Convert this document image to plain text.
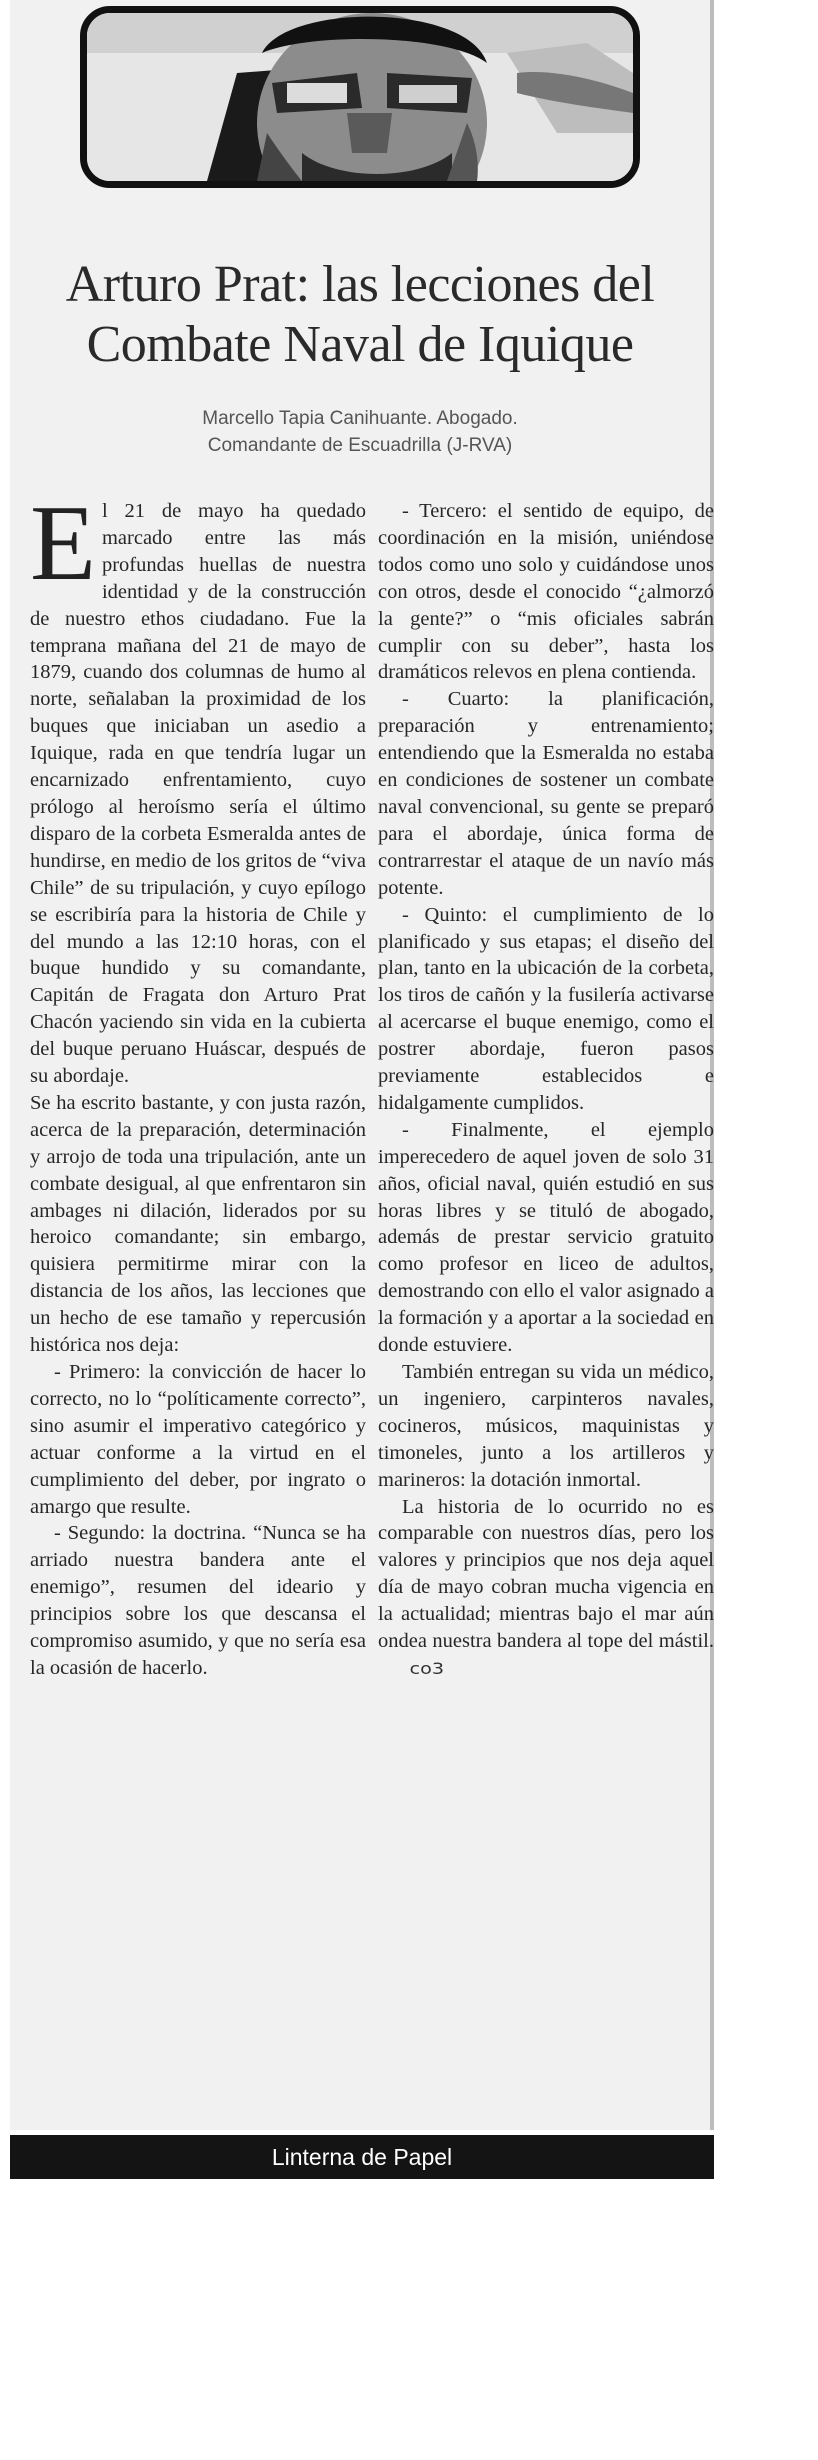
Arturo Prat: las lecciones del Combate Naval de Iquique
Marcello Tapia Canihuante. Abogado.
Comandante de Escuadrilla (J-RVA)

El 21 de mayo ha quedado marcado entre las más profundas huellas de nuestra identidad y de la construcción de nuestro ethos ciudadano. Fue la temprana mañana del 21 de mayo de 1879, cuando dos columnas de humo al norte, señalaban la proximidad de los buques que iniciaban un asedio a Iquique, rada en que tendría lugar un encarnizado enfrentamiento, cuyo prólogo al heroísmo sería el último disparo de la corbeta Esmeralda antes de hundirse, en medio de los gritos de “viva Chile” de su tripulación, y cuyo epílogo se escribiría para la historia de Chile y del mundo a las 12:10 horas, con el buque hundido y su comandante, Capitán de Fragata don Arturo Prat Chacón yaciendo sin vida en la cubierta del buque peruano Huáscar, después de su abordaje.

Se ha escrito bastante, y con justa razón, acerca de la preparación, determinación y arrojo de toda una tripulación, ante un combate desigual, al que enfrentaron sin ambages ni dilación, liderados por su heroico comandante; sin embargo, quisiera permitirme mirar con la distancia de los años, las lecciones que un hecho de ese tamaño y repercusión histórica nos deja:

- Primero: la convicción de hacer lo correcto, no lo “políticamente correcto”, sino asumir el imperativo categórico y actuar conforme a la virtud en el cumplimiento del deber, por ingrato o amargo que resulte.

- Segundo: la doctrina. “Nunca se ha arriado nuestra bandera ante el enemigo”, resumen del ideario y principios sobre los que descansa el compromiso asumido, y que no sería esa la ocasión de hacerlo.

- Tercero: el sentido de equipo, de coordinación en la misión, uniéndose todos como uno solo y cuidándose unos con otros, desde el conocido “¿almorzó la gente?” o “mis oficiales sabrán cumplir con su deber”, hasta los dramáticos relevos en plena contienda.

- Cuarto: la planificación, preparación y entrenamiento; entendiendo que la Esmeralda no estaba en condiciones de sostener un combate naval convencional, su gente se preparó para el abordaje, única forma de contrarrestar el ataque de un navío más potente.

- Quinto: el cumplimiento de lo planificado y sus etapas; el diseño del plan, tanto en la ubicación de la corbeta, los tiros de cañón y la fusilería activarse al acercarse el buque enemigo, como el postrer abordaje, fueron pasos previamente establecidos e hidalgamente cumplidos.

- Finalmente, el ejemplo imperecedero de aquel joven de solo 31 años, oficial naval, quién estudió en sus horas libres y se tituló de abogado, además de prestar servicio gratuito como profesor en liceo de adultos, demostrando con ello el valor asignado a la formación y a aportar a la sociedad en donde estuviere.

También entregan su vida un médico, un ingeniero, carpinteros navales, cocineros, músicos, maquinistas y timoneles, junto a los artilleros y marineros: la dotación inmortal.

La historia de lo ocurrido no es comparable con nuestros días, pero los valores y principios que nos deja aquel día de mayo cobran mucha vigencia en la actualidad; mientras bajo el mar aún ondea nuestra bandera al tope del mástil.ᴄᴏ3

Linterna de Papel
